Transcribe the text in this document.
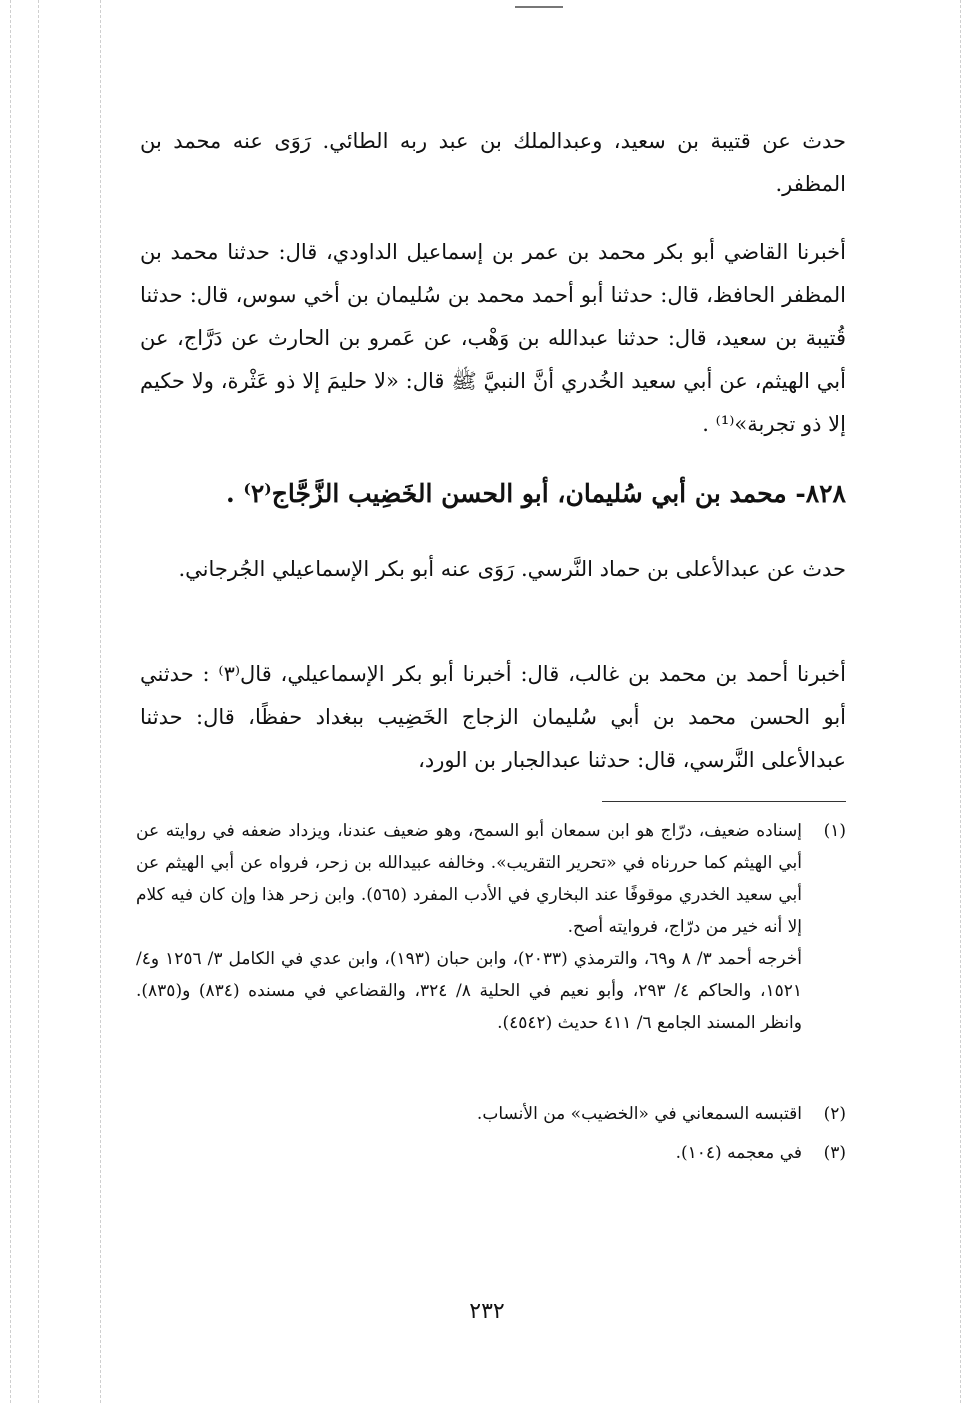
حدث عن قتيبة بن سعيد، وعبدالملك بن عبد ربه الطائي. رَوَى عنه محمد بن المظفر.
أخبرنا القاضي أبو بكر محمد بن عمر بن إسماعيل الداودي، قال: حدثنا محمد بن المظفر الحافظ، قال: حدثنا أبو أحمد محمد بن سُليمان بن أخي سوس، قال: حدثنا قُتيبة بن سعيد، قال: حدثنا عبدالله بن وَهْب، عن عَمرو بن الحارث عن دَرَّاج، عن أبي الهيثم، عن أبي سعيد الخُدري أنَّ النبيَّ ﷺ قال: «لا حليمَ إلا ذو عَثْرة، ولا حكيم إلا ذو تجربة»⁽¹⁾ .
٨٢٨- محمد بن أبي سُليمان، أبو الحسن الخَضِيب الزَّجَّاج⁽٢⁾ .
حدث عن عبدالأعلى بن حماد النَّرسي. رَوَى عنه أبو بكر الإسماعيلي الجُرجاني.
أخبرنا أحمد بن محمد بن غالب، قال: أخبرنا أبو بكر الإسماعيلي، قال⁽٣⁾ : حدثني أبو الحسن محمد بن أبي سُليمان الزجاج الخَضِيب ببغداد حفظًا، قال: حدثنا عبدالأعلى النَّرسي، قال: حدثنا عبدالجبار بن الورد،
(١)

إسناده ضعيف، درّاج هو ابن سمعان أبو السمح، وهو ضعيف عندنا، ويزداد ضعفه في روايته عن أبي الهيثم كما حررناه في «تحرير التقريب». وخالفه عبيدالله بن زحر، فرواه عن أبي الهيثم عن أبي سعيد الخدري موقوفًا عند البخاري في الأدب المفرد (٥٦٥). وابن زحر هذا وإن كان فيه كلام إلا أنه خير من درّاج، فروايته أصح.

أخرجه أحمد ٣/ ٨ و٦٩، والترمذي (٢٠٣٣)، وابن حبان (١٩٣)، وابن عدي في الكامل ٣/ ١٢٥٦ و٤/ ١٥٢١، والحاكم ٤/ ٢٩٣، وأبو نعيم في الحلية ٨/ ٣٢٤، والقضاعي في مسنده (٨٣٤) و(٨٣٥). وانظر المسند الجامع ٦/ ٤١١ حديث (٤٥٤٢).

(٢)

اقتبسه السمعاني في «الخضيب» من الأنساب.

(٣)

في معجمه (١٠٤).

٢٣٢
